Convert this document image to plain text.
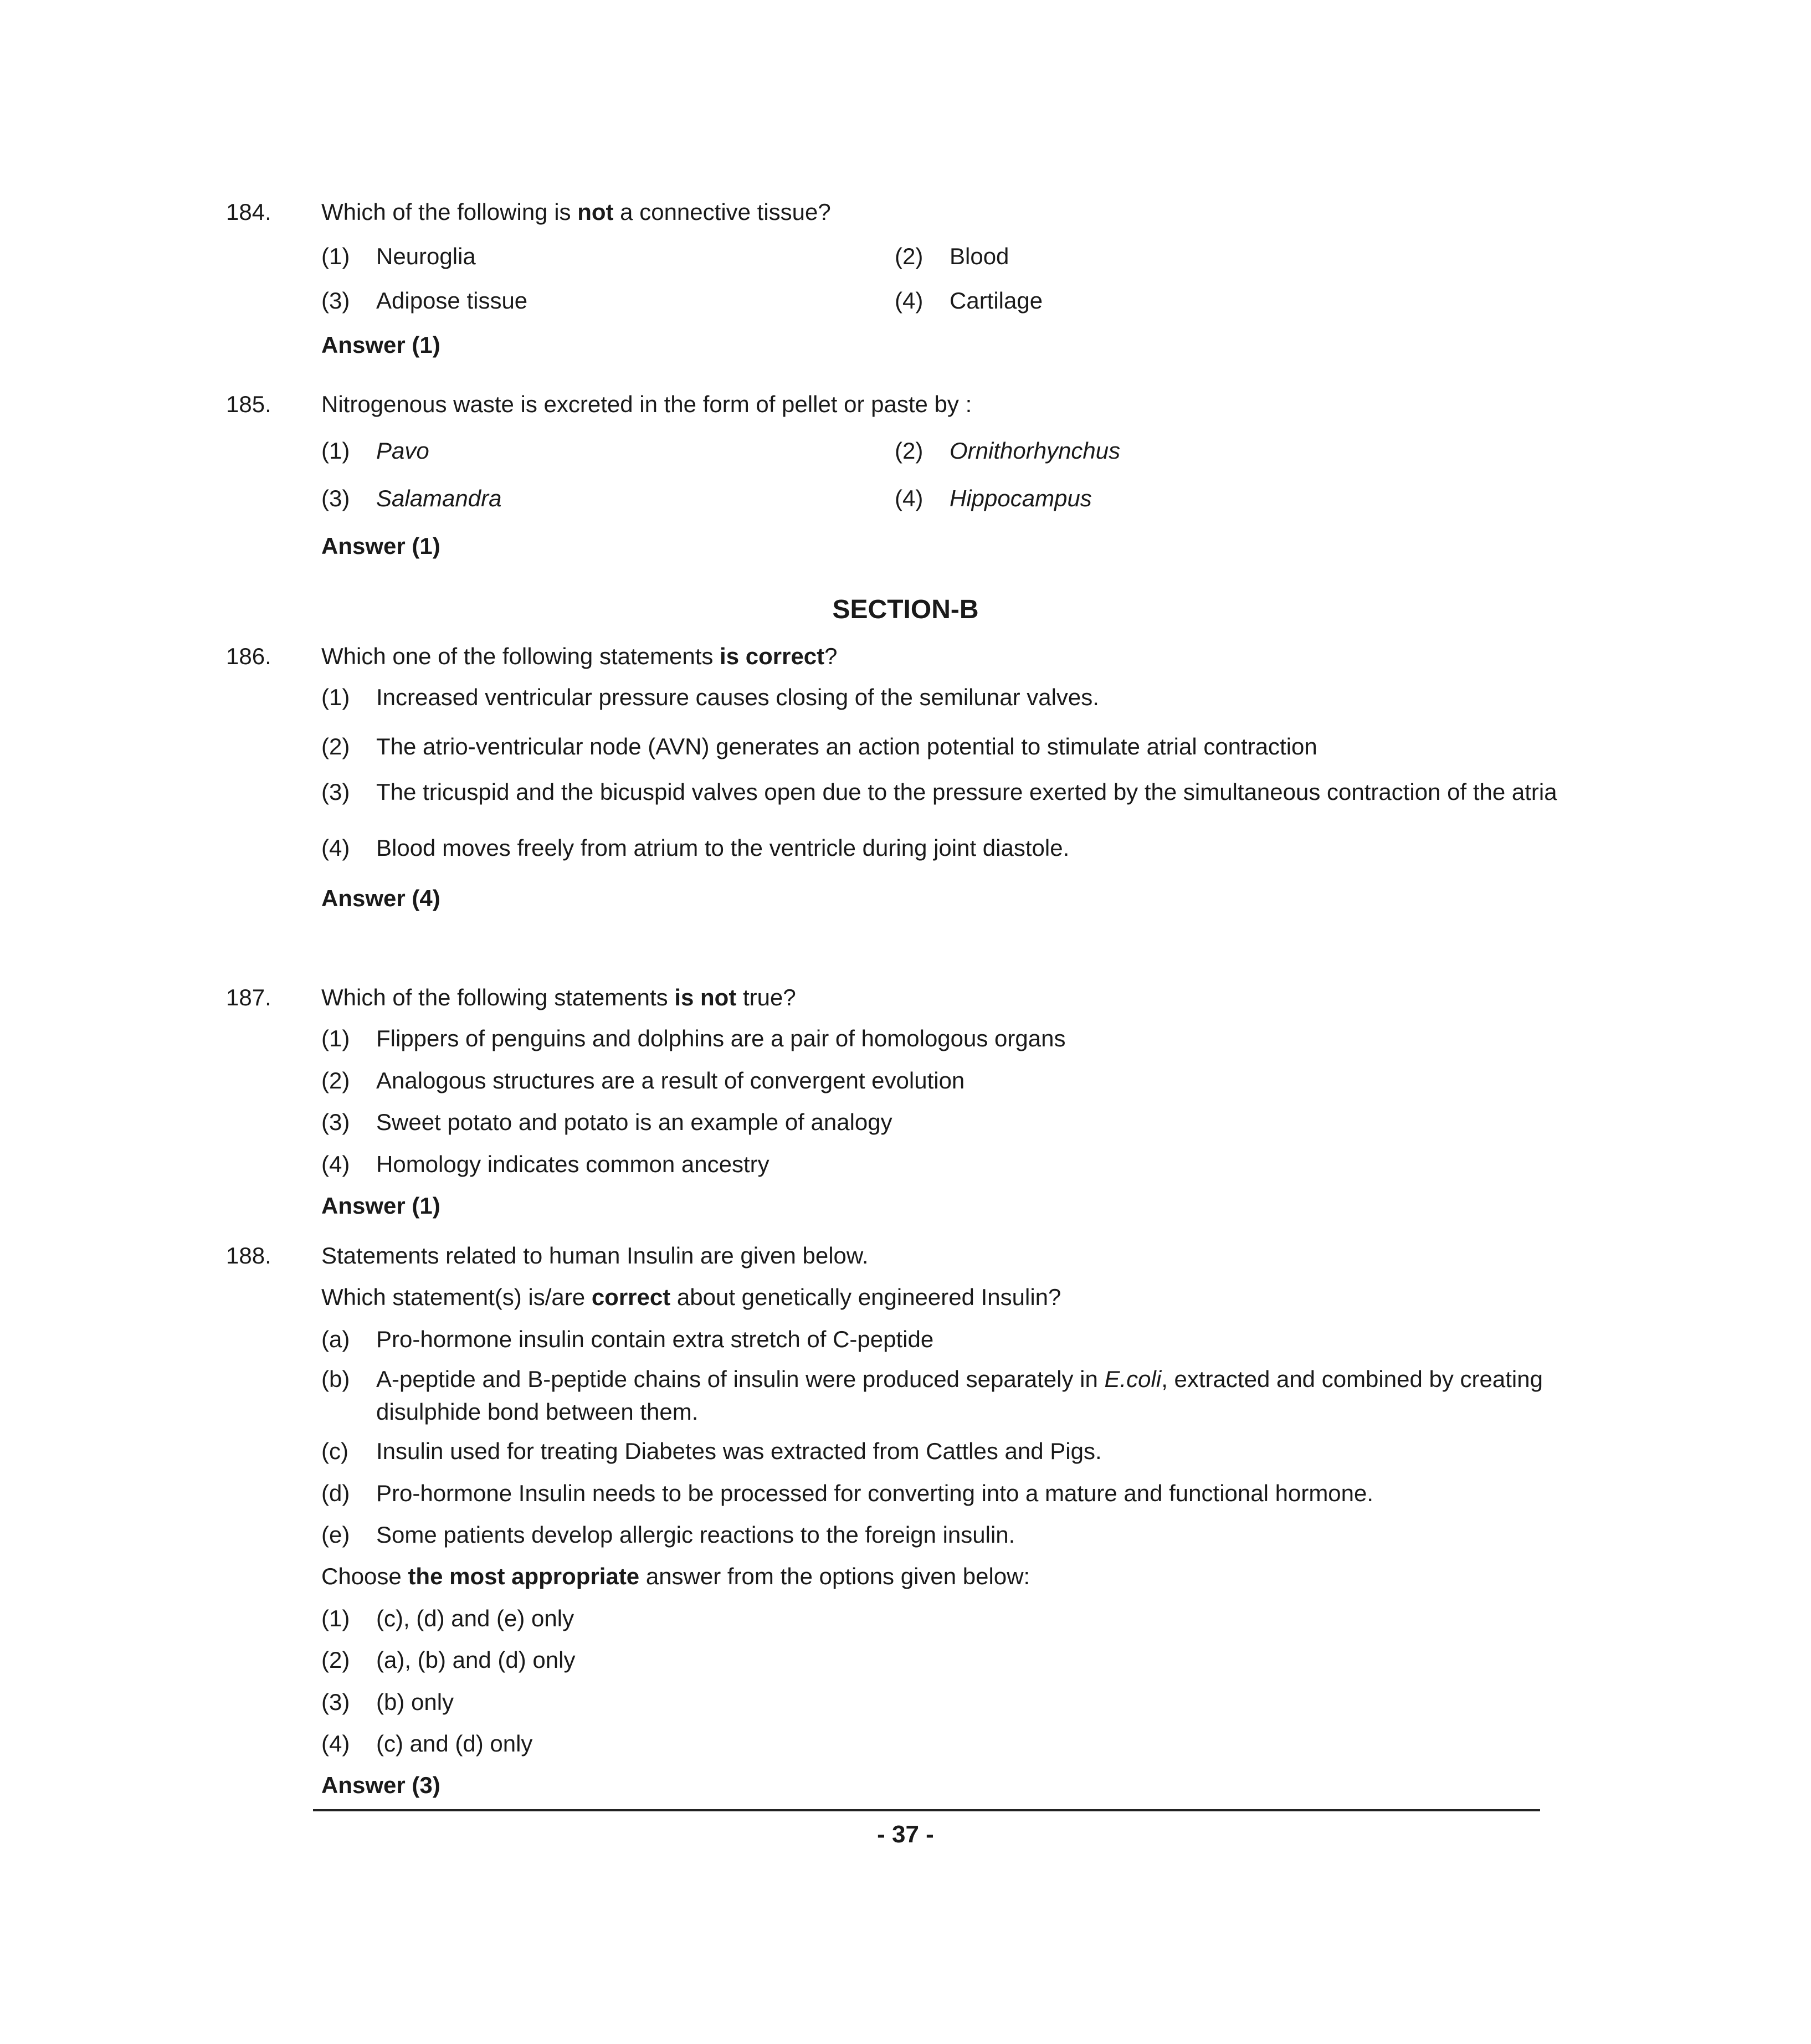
184. Which of the following is not a connective tissue?
(1) Neuroglia	(2) Blood
(3) Adipose tissue	(4) Cartilage
Answer (1)
185. Nitrogenous waste is excreted in the form of pellet or paste by :
(1) Pavo	(2) Ornithorhynchus
(3) Salamandra	(4) Hippocampus
Answer (1)
SECTION-B
186. Which one of the following statements is correct?
(1) Increased ventricular pressure causes closing of the semilunar valves.
(2) The atrio-ventricular node (AVN) generates an action potential to stimulate atrial contraction
(3) The tricuspid and the bicuspid valves open due to the pressure exerted by the simultaneous contraction of the atria
(4) Blood moves freely from atrium to the ventricle during joint diastole.
Answer (4)
187. Which of the following statements is not true?
(1) Flippers of penguins and dolphins are a pair of homologous organs
(2) Analogous structures are a result of convergent evolution
(3) Sweet potato and potato is an example of analogy
(4) Homology indicates common ancestry
Answer (1)
188. Statements related to human Insulin are given below.
Which statement(s) is/are correct about genetically engineered Insulin?
(a) Pro-hormone insulin contain extra stretch of C-peptide
(b) A-peptide and B-peptide chains of insulin were produced separately in E.coli, extracted and combined by creating disulphide bond between them.
(c) Insulin used for treating Diabetes was extracted from Cattles and Pigs.
(d) Pro-hormone Insulin needs to be processed for converting into a mature and functional hormone.
(e) Some patients develop allergic reactions to the foreign insulin.
Choose the most appropriate answer from the options given below:
(1) (c), (d) and (e) only
(2) (a), (b) and (d) only
(3) (b) only
(4) (c) and (d) only
Answer (3)
- 37 -
